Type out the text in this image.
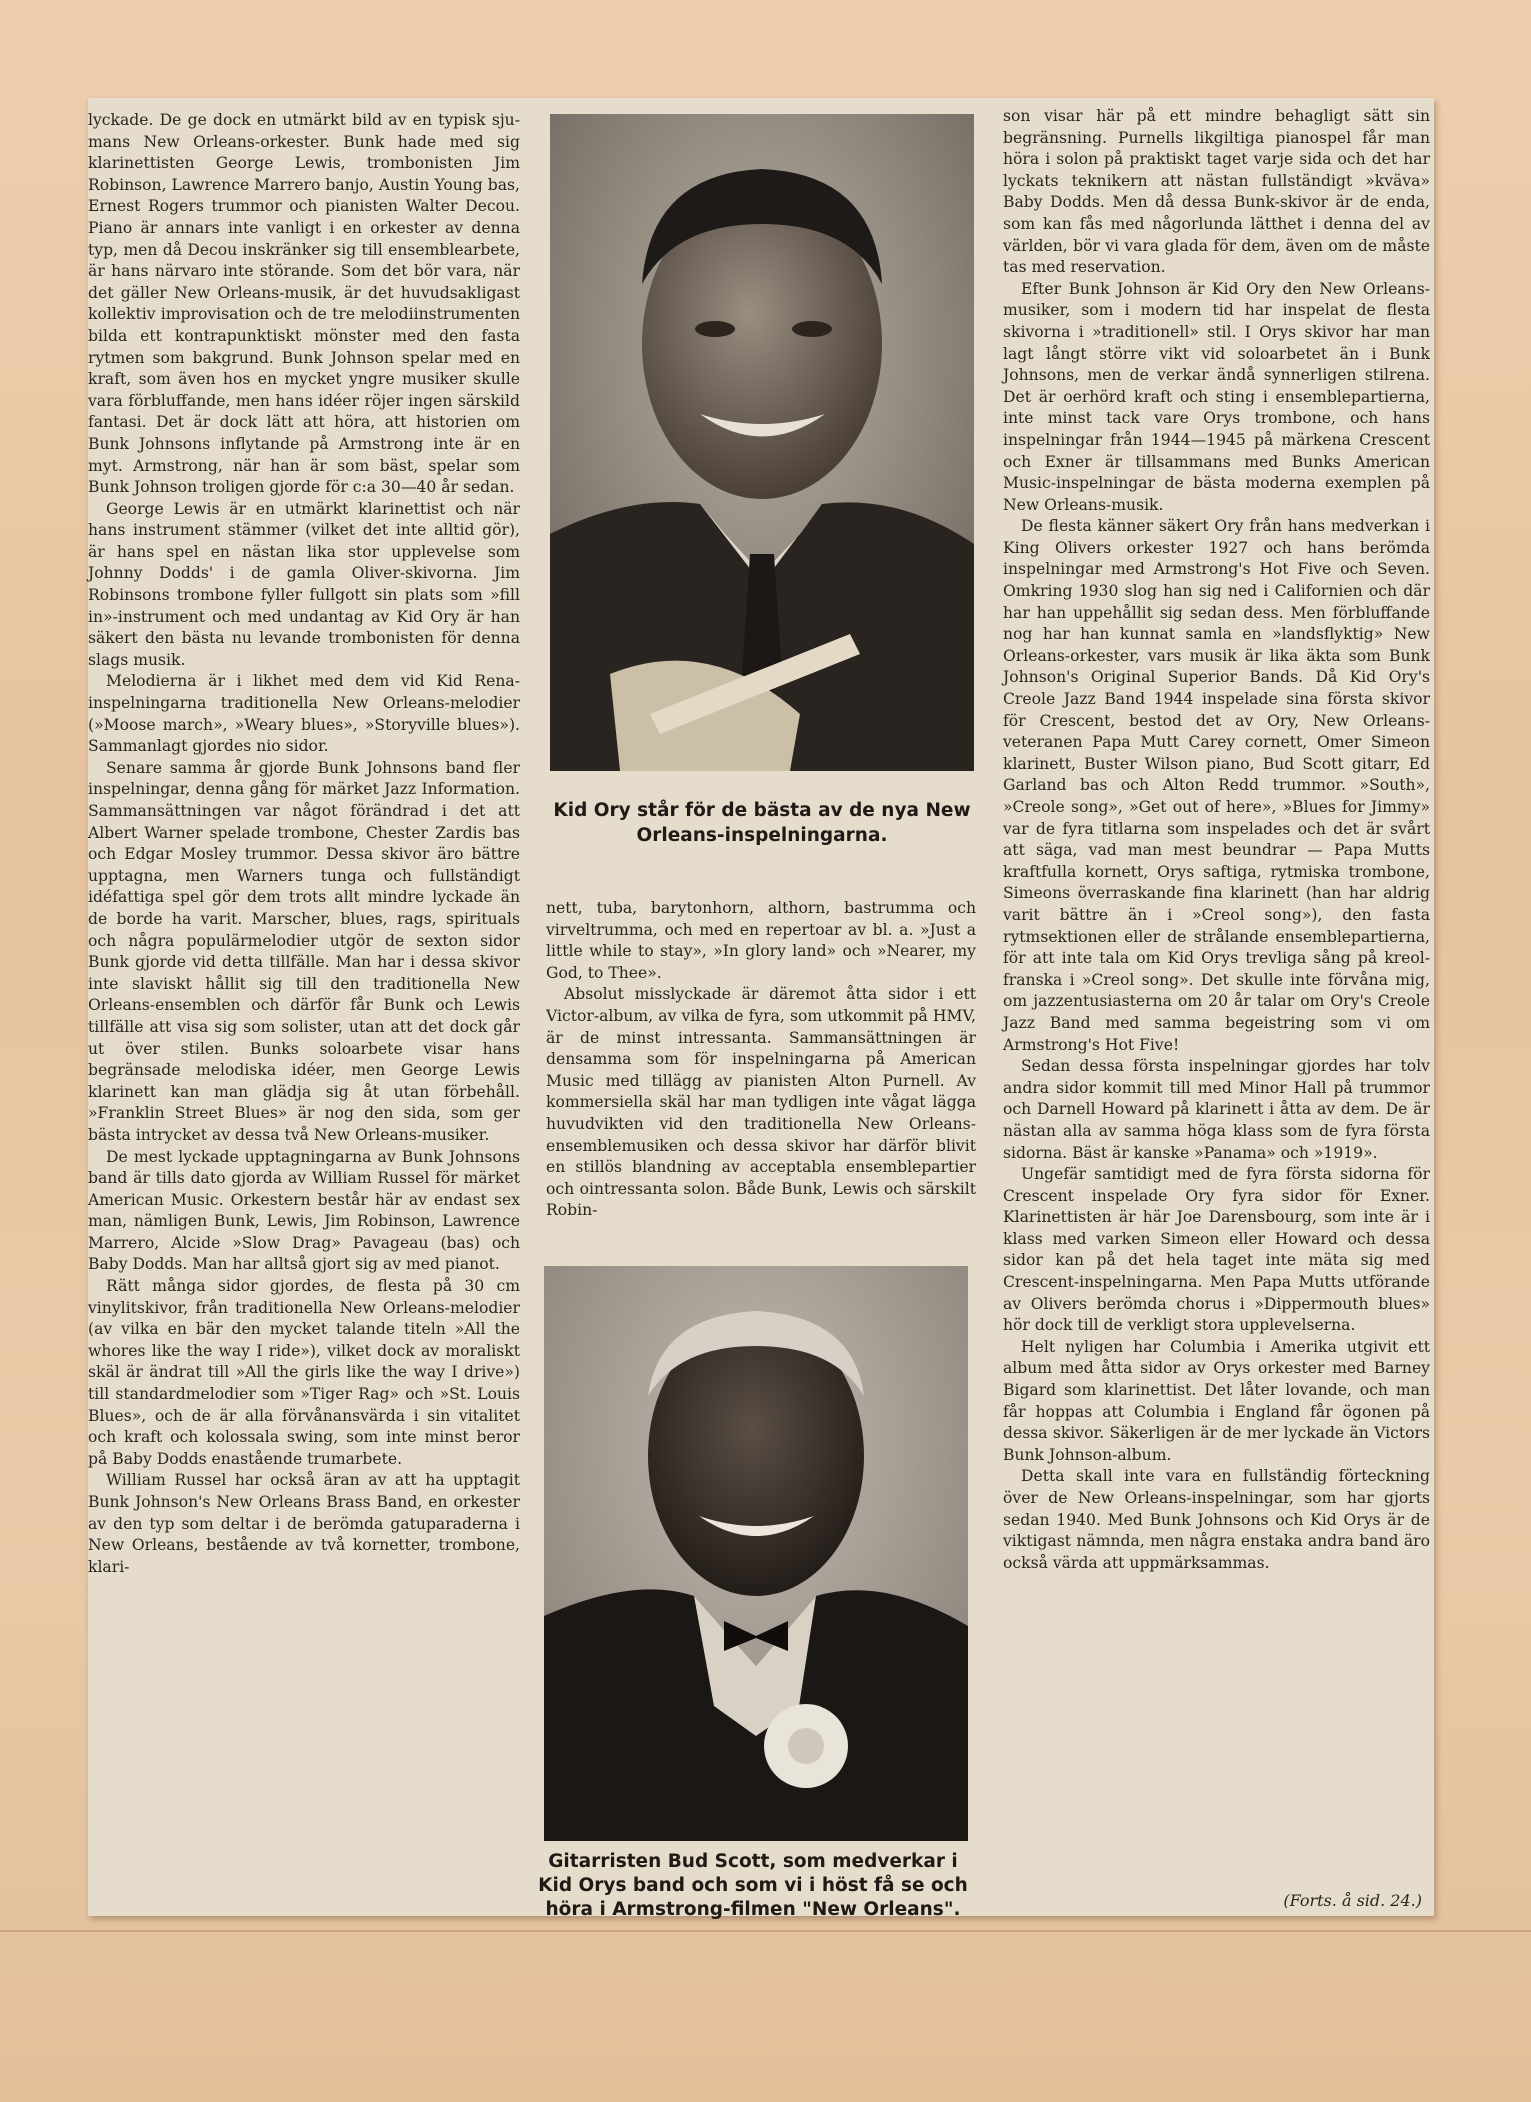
lyckade. De ge dock en utmärkt bild av en typisk sju-mans New Orleans-orkester. Bunk hade med sig klarinettisten George Lewis, trombonisten Jim Robinson, Lawrence Marrero banjo, Austin Young bas, Ernest Rogers trummor och pianisten Walter Decou. Piano är annars inte vanligt i en orkester av denna typ, men då Decou inskränker sig till ensemblearbete, är hans närvaro inte störande. Som det bör vara, när det gäller New Orleans-musik, är det huvudsakligast kollektiv improvisation och de tre melodiinstrumenten bilda ett kontrapunktiskt mönster med den fasta rytmen som bakgrund. Bunk Johnson spelar med en kraft, som även hos en mycket yngre musiker skulle vara förbluffande, men hans idéer röjer ingen särskild fantasi. Det är dock lätt att höra, att historien om Bunk Johnsons inflytande på Armstrong inte är en myt. Armstrong, när han är som bäst, spelar som Bunk Johnson troligen gjorde för c:a 30—40 år sedan.

George Lewis är en utmärkt klarinettist och när hans instrument stämmer (vilket det inte alltid gör), är hans spel en nästan lika stor upplevelse som Johnny Dodds' i de gamla Oliver-skivorna. Jim Robinsons trombone fyller fullgott sin plats som »fill in»-instrument och med undantag av Kid Ory är han säkert den bästa nu levande trombonisten för denna slags musik.

Melodierna är i likhet med dem vid Kid Rena-inspelningarna traditionella New Orleans-melodier (»Moose march», »Weary blues», »Storyville blues»). Sammanlagt gjordes nio sidor.

Senare samma år gjorde Bunk Johnsons band fler inspelningar, denna gång för märket Jazz Information. Sammansättningen var något förändrad i det att Albert Warner spelade trombone, Chester Zardis bas och Edgar Mosley trummor. Dessa skivor äro bättre upptagna, men Warners tunga och fullständigt idéfattiga spel gör dem trots allt mindre lyckade än de borde ha varit. Marscher, blues, rags, spirituals och några populärmelodier utgör de sexton sidor Bunk gjorde vid detta tillfälle. Man har i dessa skivor inte slaviskt hållit sig till den traditionella New Orleans-ensemblen och därför får Bunk och Lewis tillfälle att visa sig som solister, utan att det dock går ut över stilen. Bunks soloarbete visar hans begränsade melodiska idéer, men George Lewis klarinett kan man glädja sig åt utan förbehåll. »Franklin Street Blues» är nog den sida, som ger bästa intrycket av dessa två New Orleans-musiker.

De mest lyckade upptagningarna av Bunk Johnsons band är tills dato gjorda av William Russel för märket American Music. Orkestern består här av endast sex man, nämligen Bunk, Lewis, Jim Robinson, Lawrence Marrero, Alcide »Slow Drag» Pavageau (bas) och Baby Dodds. Man har alltså gjort sig av med pianot.

Rätt många sidor gjordes, de flesta på 30 cm vinylitskivor, från traditionella New Orleans-melodier (av vilka en bär den mycket talande titeln »All the whores like the way I ride»), vilket dock av moraliskt skäl är ändrat till »All the girls like the way I drive») till standardmelodier som »Tiger Rag» och »St. Louis Blues», och de är alla förvånansvärda i sin vitalitet och kraft och kolossala swing, som inte minst beror på Baby Dodds enastående trumarbete.

William Russel har också äran av att ha upptagit Bunk Johnson's New Orleans Brass Band, en orkester av den typ som deltar i de berömda gatuparaderna i New Orleans, bestående av två kornetter, trombone, klari-

Kid Ory står för de bästa av de nya New Orleans-inspelningarna.

nett, tuba, barytonhorn, althorn, bastrumma och virveltrumma, och med en repertoar av bl. a. »Just a little while to stay», »In glory land» och »Nearer, my God, to Thee».

Absolut misslyckade är däremot åtta sidor i ett Victor-album, av vilka de fyra, som utkommit på HMV, är de minst intressanta. Sammansättningen är densamma som för inspelningarna på American Music med tillägg av pianisten Alton Purnell. Av kommersiella skäl har man tydligen inte vågat lägga huvudvikten vid den traditionella New Orleans-ensemblemusiken och dessa skivor har därför blivit en stillös blandning av acceptabla ensemblepartier och ointressanta solon. Både Bunk, Lewis och särskilt Robin-

Gitarristen Bud Scott, som medverkar i Kid Orys band och som vi i höst få se och höra i Armstrong-filmen "New Orleans".

son visar här på ett mindre behagligt sätt sin begränsning. Purnells likgiltiga pianospel får man höra i solon på praktiskt taget varje sida och det har lyckats teknikern att nästan fullständigt »kväva» Baby Dodds. Men då dessa Bunk-skivor är de enda, som kan fås med någorlunda lätthet i denna del av världen, bör vi vara glada för dem, även om de måste tas med reservation.

Efter Bunk Johnson är Kid Ory den New Orleans-musiker, som i modern tid har inspelat de flesta skivorna i »traditionell» stil. I Orys skivor har man lagt långt större vikt vid soloarbetet än i Bunk Johnsons, men de verkar ändå synnerligen stilrena. Det är oerhörd kraft och sting i ensemblepartierna, inte minst tack vare Orys trombone, och hans inspelningar från 1944—1945 på märkena Crescent och Exner är tillsammans med Bunks American Music-inspelningar de bästa moderna exemplen på New Orleans-musik.

De flesta känner säkert Ory från hans medverkan i King Olivers orkester 1927 och hans berömda inspelningar med Armstrong's Hot Five och Seven. Omkring 1930 slog han sig ned i Californien och där har han uppehållit sig sedan dess. Men förbluffande nog har han kunnat samla en »landsflyktig» New Orleans-orkester, vars musik är lika äkta som Bunk Johnson's Original Superior Bands. Då Kid Ory's Creole Jazz Band 1944 inspelade sina första skivor för Crescent, bestod det av Ory, New Orleans-veteranen Papa Mutt Carey cornett, Omer Simeon klarinett, Buster Wilson piano, Bud Scott gitarr, Ed Garland bas och Alton Redd trummor. »South», »Creole song», »Get out of here», »Blues for Jimmy» var de fyra titlarna som inspelades och det är svårt att säga, vad man mest beundrar — Papa Mutts kraftfulla kornett, Orys saftiga, rytmiska trombone, Simeons överraskande fina klarinett (han har aldrig varit bättre än i »Creol song»), den fasta rytmsektionen eller de strålande ensemblepartierna, för att inte tala om Kid Orys trevliga sång på kreol-franska i »Creol song». Det skulle inte förvåna mig, om jazzentusiasterna om 20 år talar om Ory's Creole Jazz Band med samma begeistring som vi om Armstrong's Hot Five!

Sedan dessa första inspelningar gjordes har tolv andra sidor kommit till med Minor Hall på trummor och Darnell Howard på klarinett i åtta av dem. De är nästan alla av samma höga klass som de fyra första sidorna. Bäst är kanske »Panama» och »1919».

Ungefär samtidigt med de fyra första sidorna för Crescent inspelade Ory fyra sidor för Exner. Klarinettisten är här Joe Darensbourg, som inte är i klass med varken Simeon eller Howard och dessa sidor kan på det hela taget inte mäta sig med Crescent-inspelningarna. Men Papa Mutts utförande av Olivers berömda chorus i »Dippermouth blues» hör dock till de verkligt stora upplevelserna.

Helt nyligen har Columbia i Amerika utgivit ett album med åtta sidor av Orys orkester med Barney Bigard som klarinettist. Det låter lovande, och man får hoppas att Columbia i England får ögonen på dessa skivor. Säkerligen är de mer lyckade än Victors Bunk Johnson-album.

Detta skall inte vara en fullständig förteckning över de New Orleans-inspelningar, som har gjorts sedan 1940. Med Bunk Johnsons och Kid Orys är de viktigast nämnda, men några enstaka andra band äro också värda att uppmärksammas.

(Forts. å sid. 24.)
